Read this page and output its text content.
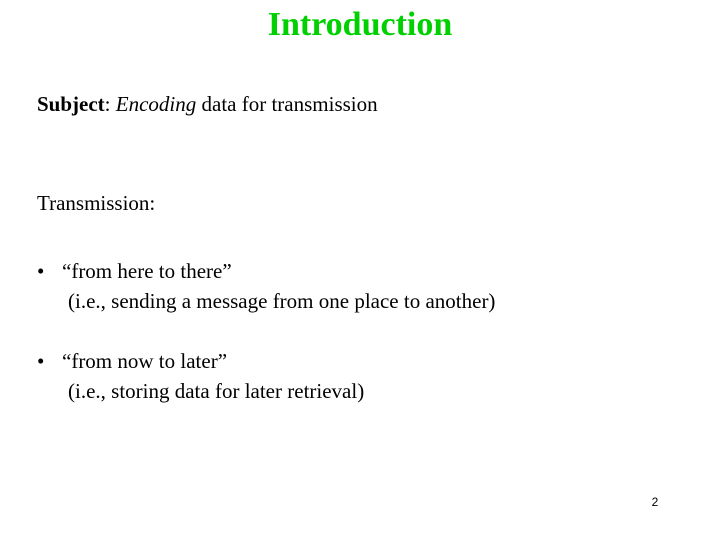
Introduction
Subject: Encoding data for transmission
Transmission:
• “from here to there”
(i.e., sending a message from one place to another)
• “from now to later”
(i.e., storing data for later retrieval)
2
